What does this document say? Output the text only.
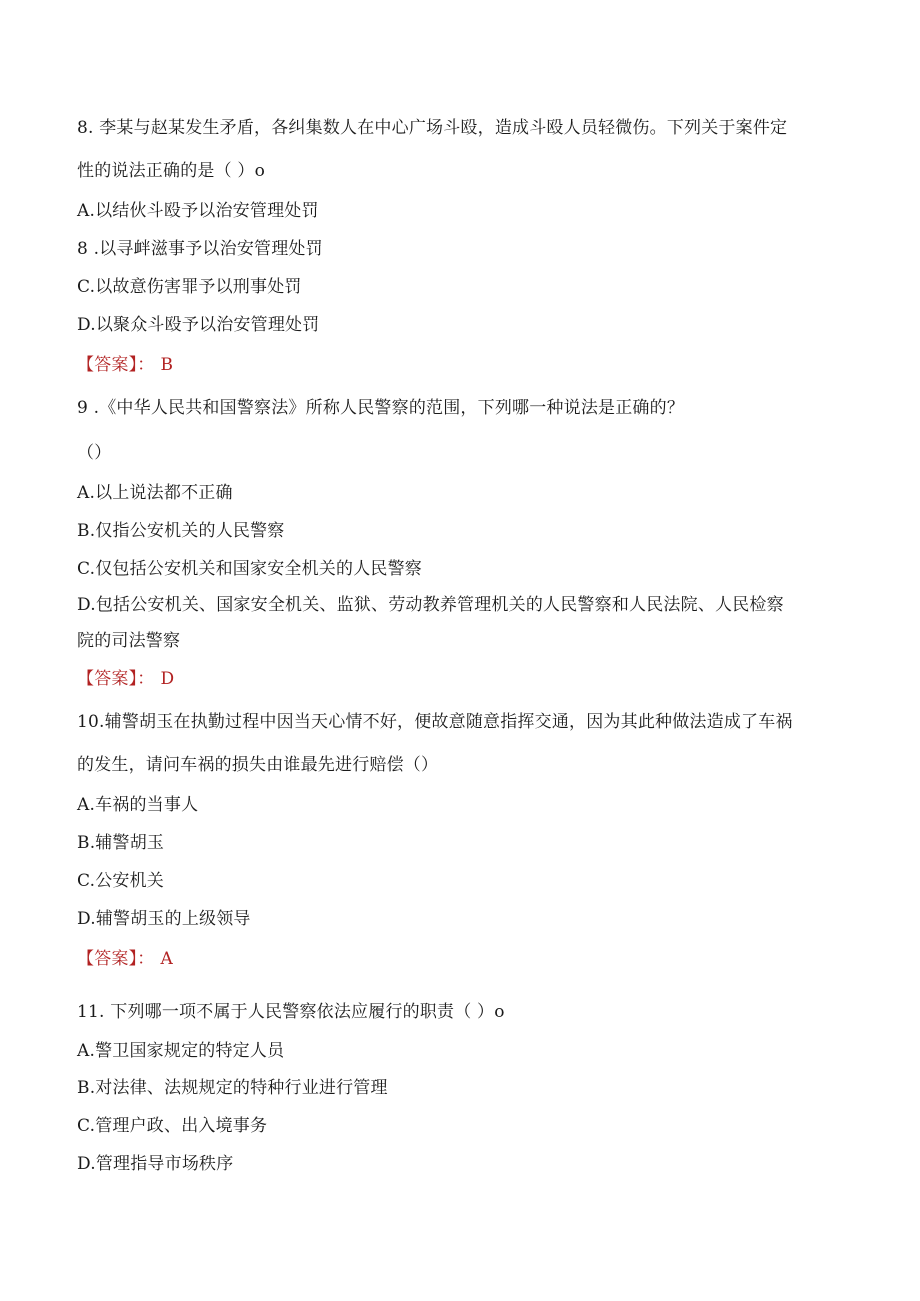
8. 李某与赵某发生矛盾，各纠集数人在中心广场斗殴，造成斗殴人员轻微伤。下列关于案件定
性的说法正确的是（ ）o
A.以结伙斗殴予以治安管理处罚
8 .以寻衅滋事予以治安管理处罚
C.以故意伤害罪予以刑事处罚
D.以聚众斗殴予以治安管理处罚
【答案】： B
9 .《中华人民共和国警察法》所称人民警察的范围，下列哪一种说法是正确的？
（）
A.以上说法都不正确
B.仅指公安机关的人民警察
C.仅包括公安机关和国家安全机关的人民警察
D.包括公安机关、国家安全机关、监狱、劳动教养管理机关的人民警察和人民法院、人民检察
院的司法警察
【答案】： D
10.辅警胡玉在执勤过程中因当天心情不好，便故意随意指挥交通，因为其此种做法造成了车祸
的发生，请问车祸的损失由谁最先进行赔偿（）
A.车祸的当事人
B.辅警胡玉
C.公安机关
D.辅警胡玉的上级领导
【答案】： A
11. 下列哪一项不属于人民警察依法应履行的职责（ ）o
A.警卫国家规定的特定人员
B.对法律、法规规定的特种行业进行管理
C.管理户政、出入境事务
D.管理指导市场秩序
